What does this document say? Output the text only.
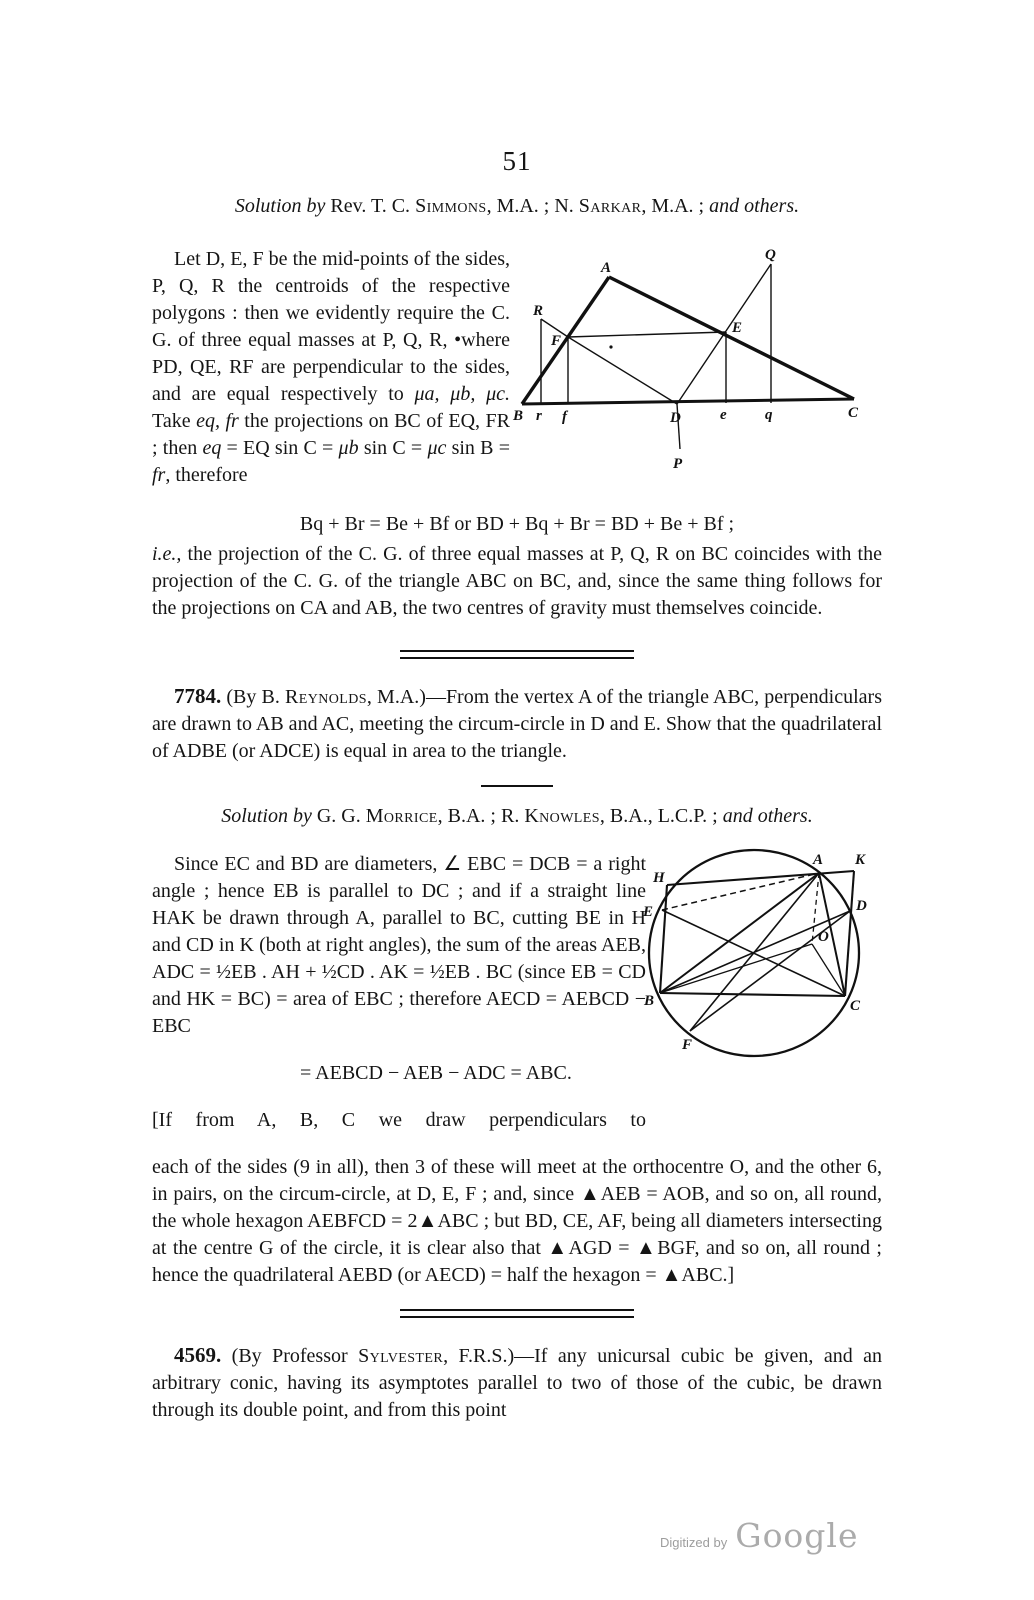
51
Solution by Rev. T. C. Simmons, M.A. ; N. Sarkar, M.A. ; and others.

Let D, E, F be the mid-points of the sides, P, Q, R the centroids of the respective polygons : then we evidently require the C. G. of three equal masses at P, Q, R, •where PD, QE, RF are perpendicular to the sides, and are equal respectively to μa, μb, μc. Take eq, fr the projections on BC of EQ, FR ; then eq = EQ sin C = μb sin C = μc sin B = fr, therefore

A
Q
R
F
E
B r f	D	e	q	C
P
Bq + Br = Be + Bf or BD + Bq + Br = BD + Be + Bf ;

i.e., the projection of the C. G. of three equal masses at P, Q, R on BC coincides with the projection of the C. G. of the triangle ABC on BC, and, since the same thing follows for the projections on CA and AB, the two centres of gravity must themselves coincide.

7784. (By B. Reynolds, M.A.)—From the vertex A of the triangle ABC, perpendiculars are drawn to AB and AC, meeting the circum-circle in D and E. Show that the quadrilateral of ADBE (or ADCE) is equal in area to the triangle.

Solution by G. G. Morrice, B.A. ; R. Knowles, B.A., L.C.P. ; and others.

Since EC and BD are diameters, ∠ EBC = DCB = a right angle ; hence EB is parallel to DC ; and if a straight line HAK be drawn through A, parallel to BC, cutting BE in H and CD in K (both at right angles), the sum of the areas AEB, ADC = ½EB . AH + ½CD . AK = ½EB . BC (since EB = CD and HK = BC) = area of EBC ; therefore AECD = AEBCD − EBC

= AEBCD − AEB − ADC = ABC.

[If from A, B, C we draw perpendiculars to
H
A K
E	D
O
B	C
F

each of the sides (9 in all), then 3 of these will meet at the orthocentre O, and the other 6, in pairs, on the circum-circle, at D, E, F ; and, since ▲AEB = AOB, and so on, all round, the whole hexagon AEBFCD = 2▲ABC ; but BD, CE, AF, being all diameters intersecting at the centre G of the circle, it is clear also that ▲AGD = ▲BGF, and so on, all round ; hence the quadrilateral AEBD (or AECD) = half the hexagon = ▲ABC.]

4569. (By Professor Sylvester, F.R.S.)—If any unicursal cubic be given, and an arbitrary conic, having its asymptotes parallel to two of those of the cubic, be drawn through its double point, and from this point

Digitized by Google
